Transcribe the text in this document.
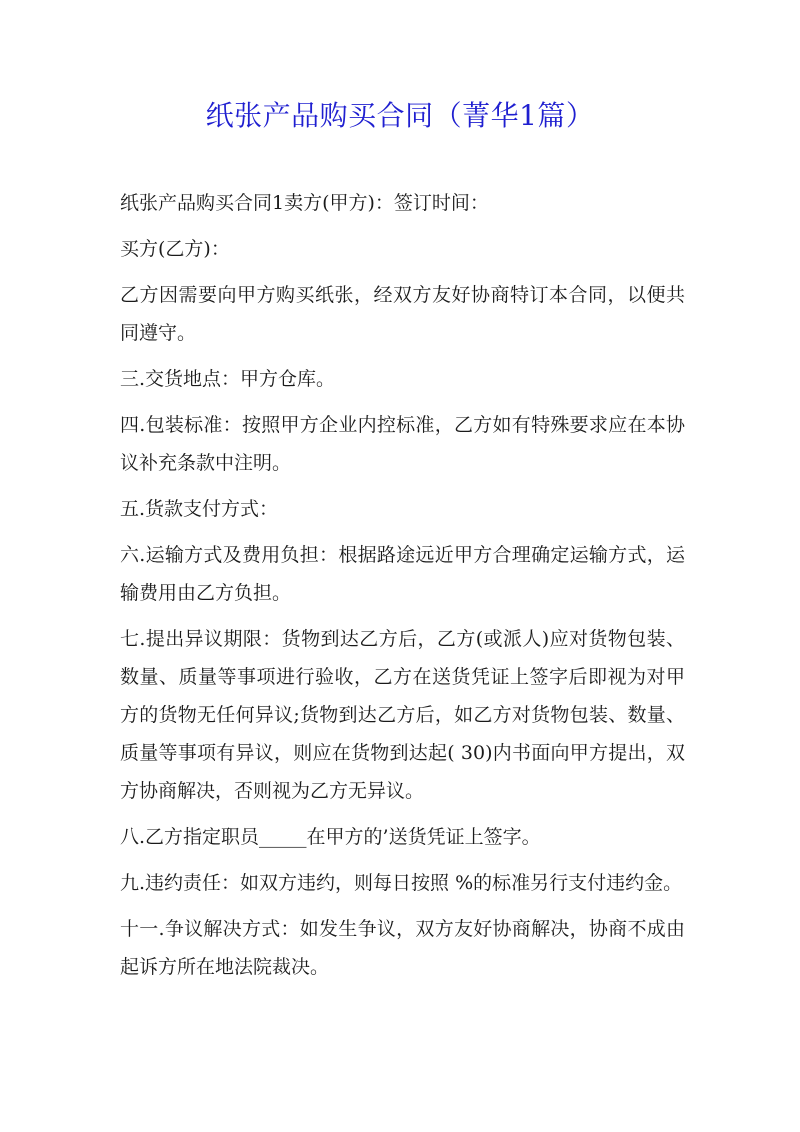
纸张产品购买合同（菁华1篇）

纸张产品购买合同1卖方(甲方)：签订时间：

买方(乙方)：

乙方因需要向甲方购买纸张，经双方友好协商特订本合同，以便共同遵守。

三.交货地点：甲方仓库。

四.包装标准：按照甲方企业内控标准，乙方如有特殊要求应在本协议补充条款中注明。

五.货款支付方式：

六.运输方式及费用负担：根据路途远近甲方合理确定运输方式，运输费用由乙方负担。

七.提出异议期限：货物到达乙方后，乙方(或派人)应对货物包装、数量、质量等事项进行验收，乙方在送货凭证上签字后即视为对甲方的货物无任何异议;货物到达乙方后，如乙方对货物包装、数量、质量等事项有异议，则应在货物到达起( 30)内书面向甲方提出，双方协商解决，否则视为乙方无异议。

八.乙方指定职员_____在甲方的’送货凭证上签字。

九.违约责任：如双方违约，则每日按照 %的标准另行支付违约金。

十一.争议解决方式：如发生争议，双方友好协商解决，协商不成由起诉方所在地法院裁决。
